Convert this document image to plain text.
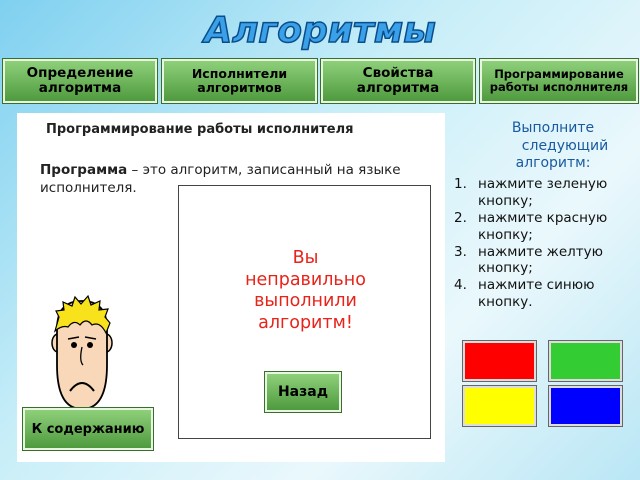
Алгоритмы
Определение
алгоритма
Исполнители
алгоритмов
Свойства
алгоритма
Программирование
работы исполнителя
Программирование работы исполнителя
Программа – это алгоритм, записанный на языке исполнителя.
Вы
неправильно
выполнили
алгоритм!
Назад
К содержанию
Выполните
следующий
алгоритм:
1. нажмите зеленую кнопку;
2. нажмите красную кнопку;
3. нажмите желтую кнопку;
4. нажмите синюю кнопку.
